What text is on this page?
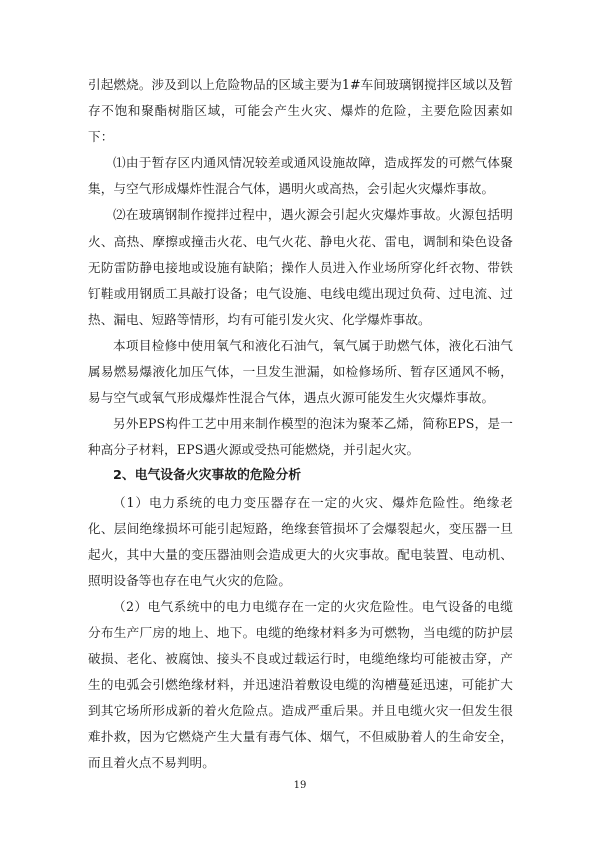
引起燃烧。涉及到以上危险物品的区域主要为1#车间玻璃钢搅拌区域以及暂存不饱和聚酯树脂区域，可能会产生火灾、爆炸的危险，主要危险因素如下：

⑴由于暂存区内通风情况较差或通风设施故障，造成挥发的可燃气体聚集，与空气形成爆炸性混合气体，遇明火或高热，会引起火灾爆炸事故。

⑵在玻璃钢制作搅拌过程中，遇火源会引起火灾爆炸事故。火源包括明火、高热、摩擦或撞击火花、电气火花、静电火花、雷电，调制和染色设备无防雷防静电接地或设施有缺陷；操作人员进入作业场所穿化纤衣物、带铁钉鞋或用钢质工具敲打设备；电气设施、电线电缆出现过负荷、过电流、过热、漏电、短路等情形，均有可能引发火灾、化学爆炸事故。

本项目检修中使用氧气和液化石油气，氧气属于助燃气体，液化石油气属易燃易爆液化加压气体，一旦发生泄漏，如检修场所、暂存区通风不畅，易与空气或氧气形成爆炸性混合气体，遇点火源可能发生火灾爆炸事故。

另外EPS构件工艺中用来制作模型的泡沫为聚苯乙烯，简称EPS，是一种高分子材料，EPS遇火源或受热可能燃烧，并引起火灾。

2、电气设备火灾事故的危险分析

（1）电力系统的电力变压器存在一定的火灾、爆炸危险性。绝缘老化、层间绝缘损坏可能引起短路，绝缘套管损坏了会爆裂起火，变压器一旦起火，其中大量的变压器油则会造成更大的火灾事故。配电装置、电动机、照明设备等也存在电气火灾的危险。

（2）电气系统中的电力电缆存在一定的火灾危险性。电气设备的电缆分布生产厂房的地上、地下。电缆的绝缘材料多为可燃物，当电缆的防护层破损、老化、被腐蚀、接头不良或过载运行时，电缆绝缘均可能被击穿，产生的电弧会引燃绝缘材料，并迅速沿着敷设电缆的沟槽蔓延迅速，可能扩大到其它场所形成新的着火危险点。造成严重后果。并且电缆火灾一但发生很难扑救，因为它燃烧产生大量有毒气体、烟气，不但威胁着人的生命安全，而且着火点不易判明。

19
